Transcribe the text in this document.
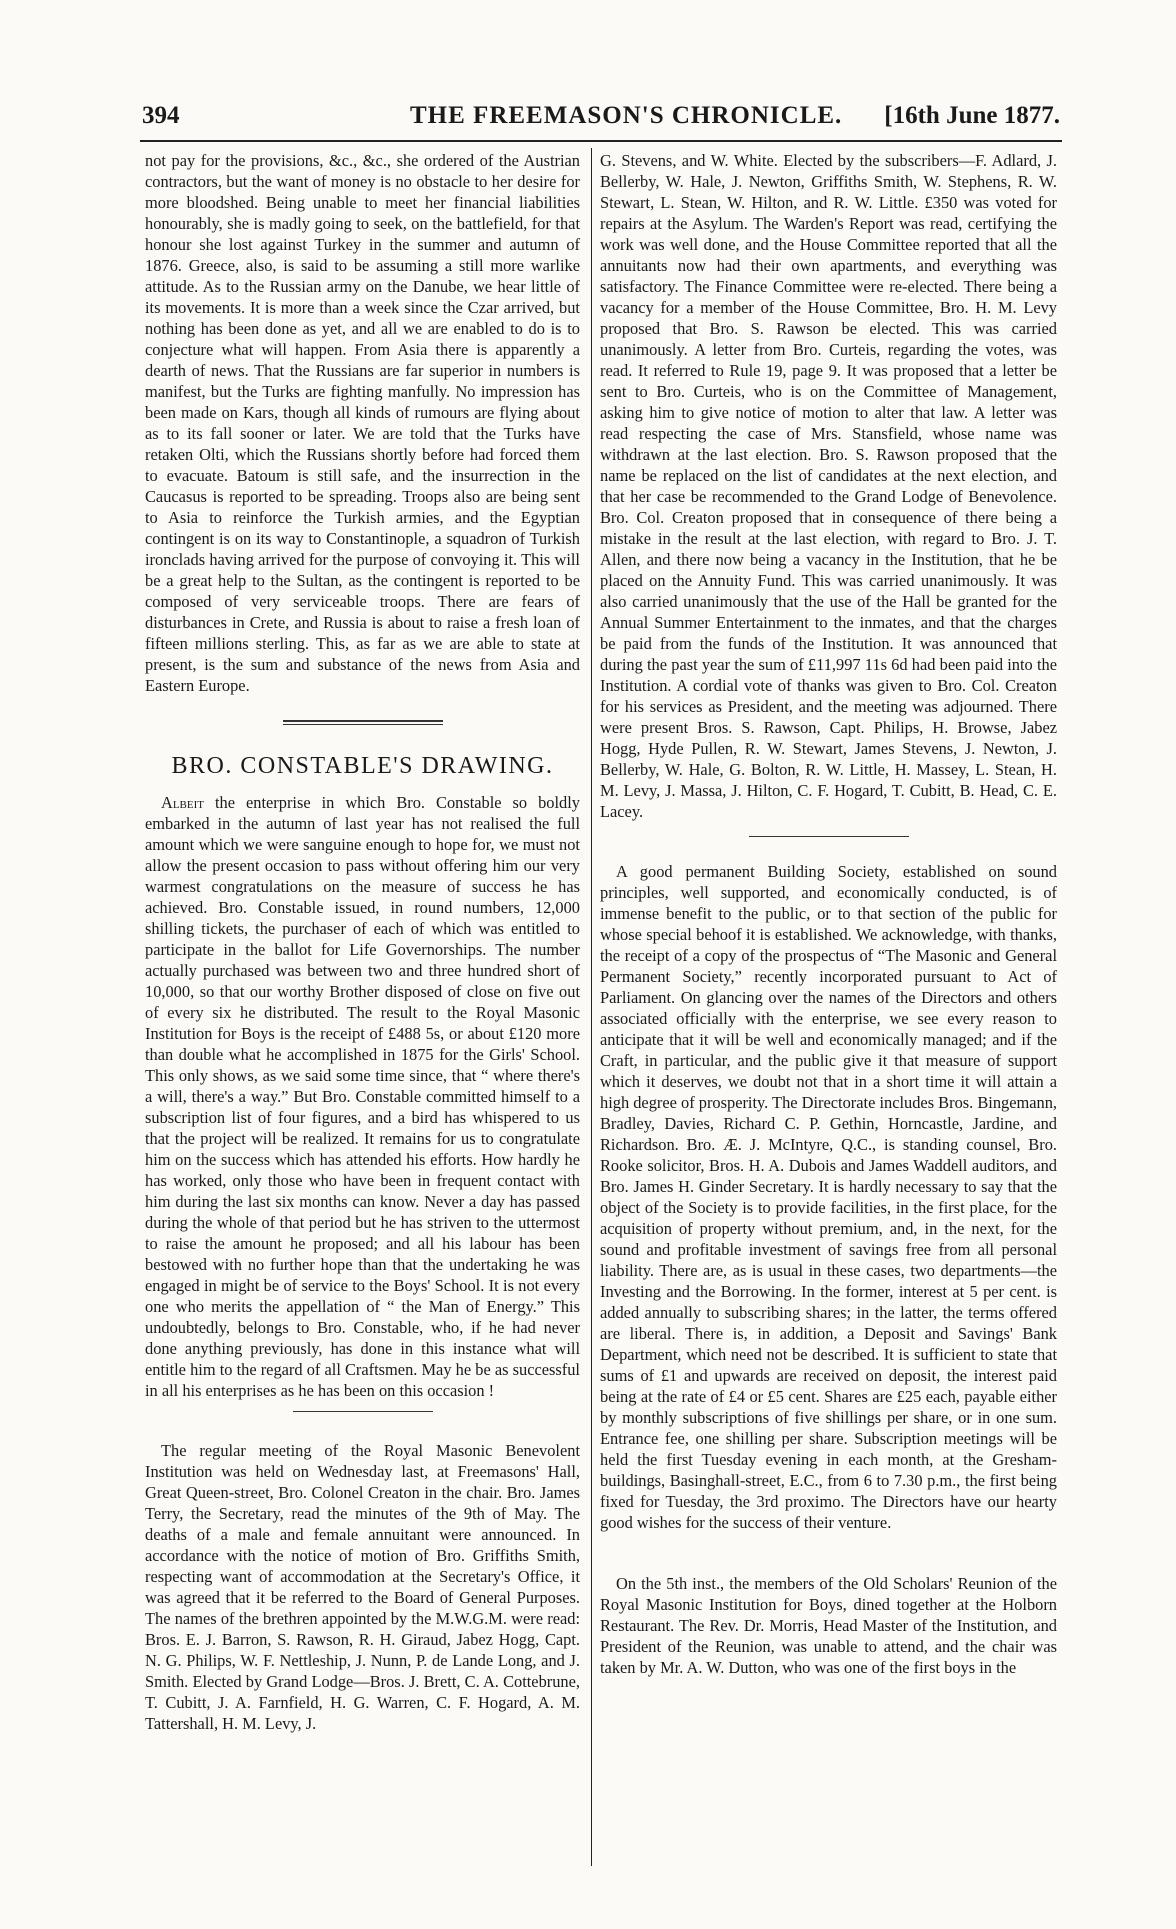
394	THE FREEMASON'S CHRONICLE. [16th June 1877.

not pay for the provisions, &c., &c., she ordered of the Austrian contractors, but the want of money is no obstacle to her desire for more bloodshed. Being unable to meet her financial liabilities honourably, she is madly going to seek, on the battlefield, for that honour she lost against Turkey in the summer and autumn of 1876. Greece, also, is said to be assuming a still more warlike attitude. As to the Russian army on the Danube, we hear little of its movements. It is more than a week since the Czar arrived, but nothing has been done as yet, and all we are enabled to do is to conjecture what will happen. From Asia there is apparently a dearth of news. That the Russians are far superior in numbers is manifest, but the Turks are fighting manfully. No impression has been made on Kars, though all kinds of rumours are flying about as to its fall sooner or later. We are told that the Turks have retaken Olti, which the Russians shortly before had forced them to evacuate. Batoum is still safe, and the insurrection in the Caucasus is reported to be spreading. Troops also are being sent to Asia to reinforce the Turkish armies, and the Egyptian contingent is on its way to Constantinople, a squadron of Turkish ironclads having arrived for the purpose of convoying it. This will be a great help to the Sultan, as the contingent is reported to be composed of very serviceable troops. There are fears of disturbances in Crete, and Russia is about to raise a fresh loan of fifteen millions sterling. This, as far as we are able to state at present, is the sum and substance of the news from Asia and Eastern Europe.

BRO. CONSTABLE'S DRAWING.

Albeit the enterprise in which Bro. Constable so boldly embarked in the autumn of last year has not realised the full amount which we were sanguine enough to hope for, we must not allow the present occasion to pass without offering him our very warmest congratulations on the measure of success he has achieved. Bro. Constable issued, in round numbers, 12,000 shilling tickets, the purchaser of each of which was entitled to participate in the ballot for Life Governorships. The number actually purchased was between two and three hundred short of 10,000, so that our worthy Brother disposed of close on five out of every six he distributed. The result to the Royal Masonic Institution for Boys is the receipt of £488 5s, or about £120 more than double what he accomplished in 1875 for the Girls' School. This only shows, as we said some time since, that “ where there's a will, there's a way.” But Bro. Constable committed himself to a subscription list of four figures, and a bird has whispered to us that the project will be realized. It remains for us to congratulate him on the success which has attended his efforts. How hardly he has worked, only those who have been in frequent contact with him during the last six months can know. Never a day has passed during the whole of that period but he has striven to the uttermost to raise the amount he proposed; and all his labour has been bestowed with no further hope than that the undertaking he was engaged in might be of service to the Boys' School. It is not every one who merits the appellation of “ the Man of Energy.” This undoubtedly, belongs to Bro. Constable, who, if he had never done anything previously, has done in this instance what will entitle him to the regard of all Craftsmen. May he be as successful in all his enterprises as he has been on this occasion !

The regular meeting of the Royal Masonic Benevolent Institution was held on Wednesday last, at Freemasons' Hall, Great Queen-street, Bro. Colonel Creaton in the chair. Bro. James Terry, the Secretary, read the minutes of the 9th of May. The deaths of a male and female annuitant were announced. In accordance with the notice of motion of Bro. Griffiths Smith, respecting want of accommodation at the Secretary's Office, it was agreed that it be referred to the Board of General Purposes. The names of the brethren appointed by the M.W.G.M. were read: Bros. E. J. Barron, S. Rawson, R. H. Giraud, Jabez Hogg, Capt. N. G. Philips, W. F. Nettleship, J. Nunn, P. de Lande Long, and J. Smith. Elected by Grand Lodge—Bros. J. Brett, C. A. Cottebrune, T. Cubitt, J. A. Farnfield, H. G. Warren, C. F. Hogard, A. M. Tattershall, H. M. Levy, J.

G. Stevens, and W. White. Elected by the subscribers—F. Adlard, J. Bellerby, W. Hale, J. Newton, Griffiths Smith, W. Stephens, R. W. Stewart, L. Stean, W. Hilton, and R. W. Little. £350 was voted for repairs at the Asylum. The Warden's Report was read, certifying the work was well done, and the House Committee reported that all the annuitants now had their own apartments, and everything was satisfactory. The Finance Committee were re-elected. There being a vacancy for a member of the House Committee, Bro. H. M. Levy proposed that Bro. S. Rawson be elected. This was carried unanimously. A letter from Bro. Curteis, regarding the votes, was read. It referred to Rule 19, page 9. It was proposed that a letter be sent to Bro. Curteis, who is on the Committee of Management, asking him to give notice of motion to alter that law. A letter was read respecting the case of Mrs. Stansfield, whose name was withdrawn at the last election. Bro. S. Rawson proposed that the name be replaced on the list of candidates at the next election, and that her case be recommended to the Grand Lodge of Benevolence. Bro. Col. Creaton proposed that in consequence of there being a mistake in the result at the last election, with regard to Bro. J. T. Allen, and there now being a vacancy in the Institution, that he be placed on the Annuity Fund. This was carried unanimously. It was also carried unanimously that the use of the Hall be granted for the Annual Summer Entertainment to the inmates, and that the charges be paid from the funds of the Institution. It was announced that during the past year the sum of £11,997 11s 6d had been paid into the Institution. A cordial vote of thanks was given to Bro. Col. Creaton for his services as President, and the meeting was adjourned. There were present Bros. S. Rawson, Capt. Philips, H. Browse, Jabez Hogg, Hyde Pullen, R. W. Stewart, James Stevens, J. Newton, J. Bellerby, W. Hale, G. Bolton, R. W. Little, H. Massey, L. Stean, H. M. Levy, J. Massa, J. Hilton, C. F. Hogard, T. Cubitt, B. Head, C. E. Lacey.

A good permanent Building Society, established on sound principles, well supported, and economically conducted, is of immense benefit to the public, or to that section of the public for whose special behoof it is established. We acknowledge, with thanks, the receipt of a copy of the prospectus of “The Masonic and General Permanent Society,” recently incorporated pursuant to Act of Parliament. On glancing over the names of the Directors and others associated officially with the enterprise, we see every reason to anticipate that it will be well and economically managed; and if the Craft, in particular, and the public give it that measure of support which it deserves, we doubt not that in a short time it will attain a high degree of prosperity. The Directorate includes Bros. Bingemann, Bradley, Davies, Richard C. P. Gethin, Horncastle, Jardine, and Richardson. Bro. Æ. J. McIntyre, Q.C., is standing counsel, Bro. Rooke solicitor, Bros. H. A. Dubois and James Waddell auditors, and Bro. James H. Ginder Secretary. It is hardly necessary to say that the object of the Society is to provide facilities, in the first place, for the acquisition of property without premium, and, in the next, for the sound and profitable investment of savings free from all personal liability. There are, as is usual in these cases, two departments—the Investing and the Borrowing. In the former, interest at 5 per cent. is added annually to subscribing shares; in the latter, the terms offered are liberal. There is, in addition, a Deposit and Savings' Bank Department, which need not be described. It is sufficient to state that sums of £1 and upwards are received on deposit, the interest paid being at the rate of £4 or £5 cent. Shares are £25 each, payable either by monthly subscriptions of five shillings per share, or in one sum. Entrance fee, one shilling per share. Subscription meetings will be held the first Tuesday evening in each month, at the Gresham-buildings, Basinghall-street, E.C., from 6 to 7.30 p.m., the first being fixed for Tuesday, the 3rd proximo. The Directors have our hearty good wishes for the success of their venture.

On the 5th inst., the members of the Old Scholars' Reunion of the Royal Masonic Institution for Boys, dined together at the Holborn Restaurant. The Rev. Dr. Morris, Head Master of the Institution, and President of the Reunion, was unable to attend, and the chair was taken by Mr. A. W. Dutton, who was one of the first boys in the
